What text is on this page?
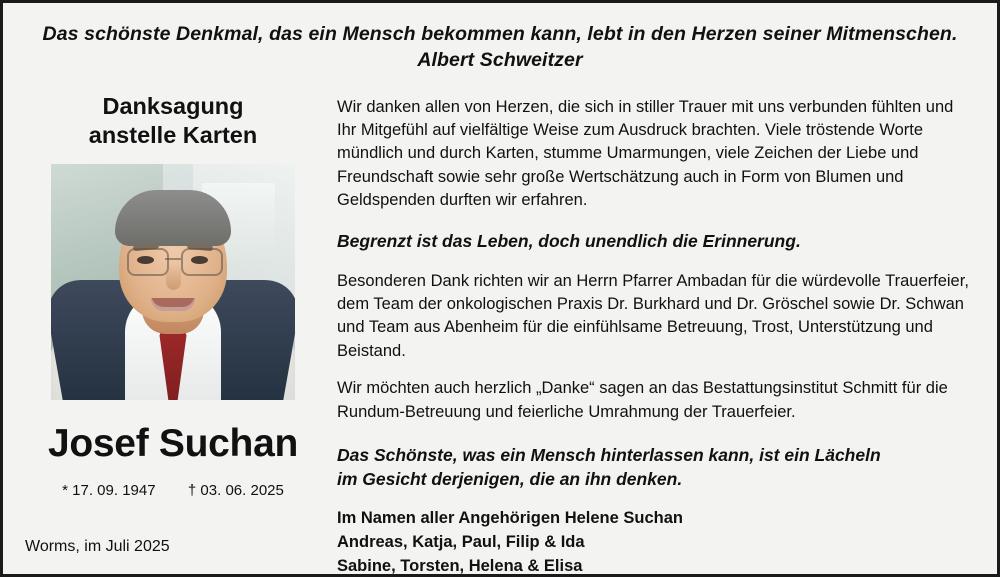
Das schönste Denkmal, das ein Mensch bekommen kann, lebt in den Herzen seiner Mitmenschen.
Albert Schweitzer
Danksagung
anstelle Karten
Josef Suchan
* 17. 09. 1947 † 03. 06. 2025

Wir danken allen von Herzen, die sich in stiller Trauer mit uns verbunden fühlten und Ihr Mitgefühl auf vielfältige Weise zum Ausdruck brachten. Viele tröstende Worte mündlich und durch Karten, stumme Umarmungen, viele Zeichen der Liebe und Freundschaft sowie sehr große Wertschätzung auch in Form von Blumen und Geldspenden durften wir erfahren.

Begrenzt ist das Leben, doch unendlich die Erinnerung.

Besonderen Dank richten wir an Herrn Pfarrer Ambadan für die würdevolle Trauerfeier, dem Team der onkologischen Praxis Dr. Burkhard und Dr. Gröschel sowie Dr. Schwan und Team aus Abenheim für die einfühlsame Betreuung, Trost, Unterstützung und Beistand.

Wir möchten auch herzlich „Danke“ sagen an das Bestattungsinstitut Schmitt für die Rundum-Betreuung und feierliche Umrahmung der Trauerfeier.

Das Schönste, was ein Mensch hinterlassen kann, ist ein Lächeln
im Gesicht derjenigen, die an ihn denken.
Im Namen aller Angehörigen Helene Suchan
Andreas, Katja, Paul, Filip & Ida
Sabine, Torsten, Helena & Elisa
Worms, im Juli 2025
